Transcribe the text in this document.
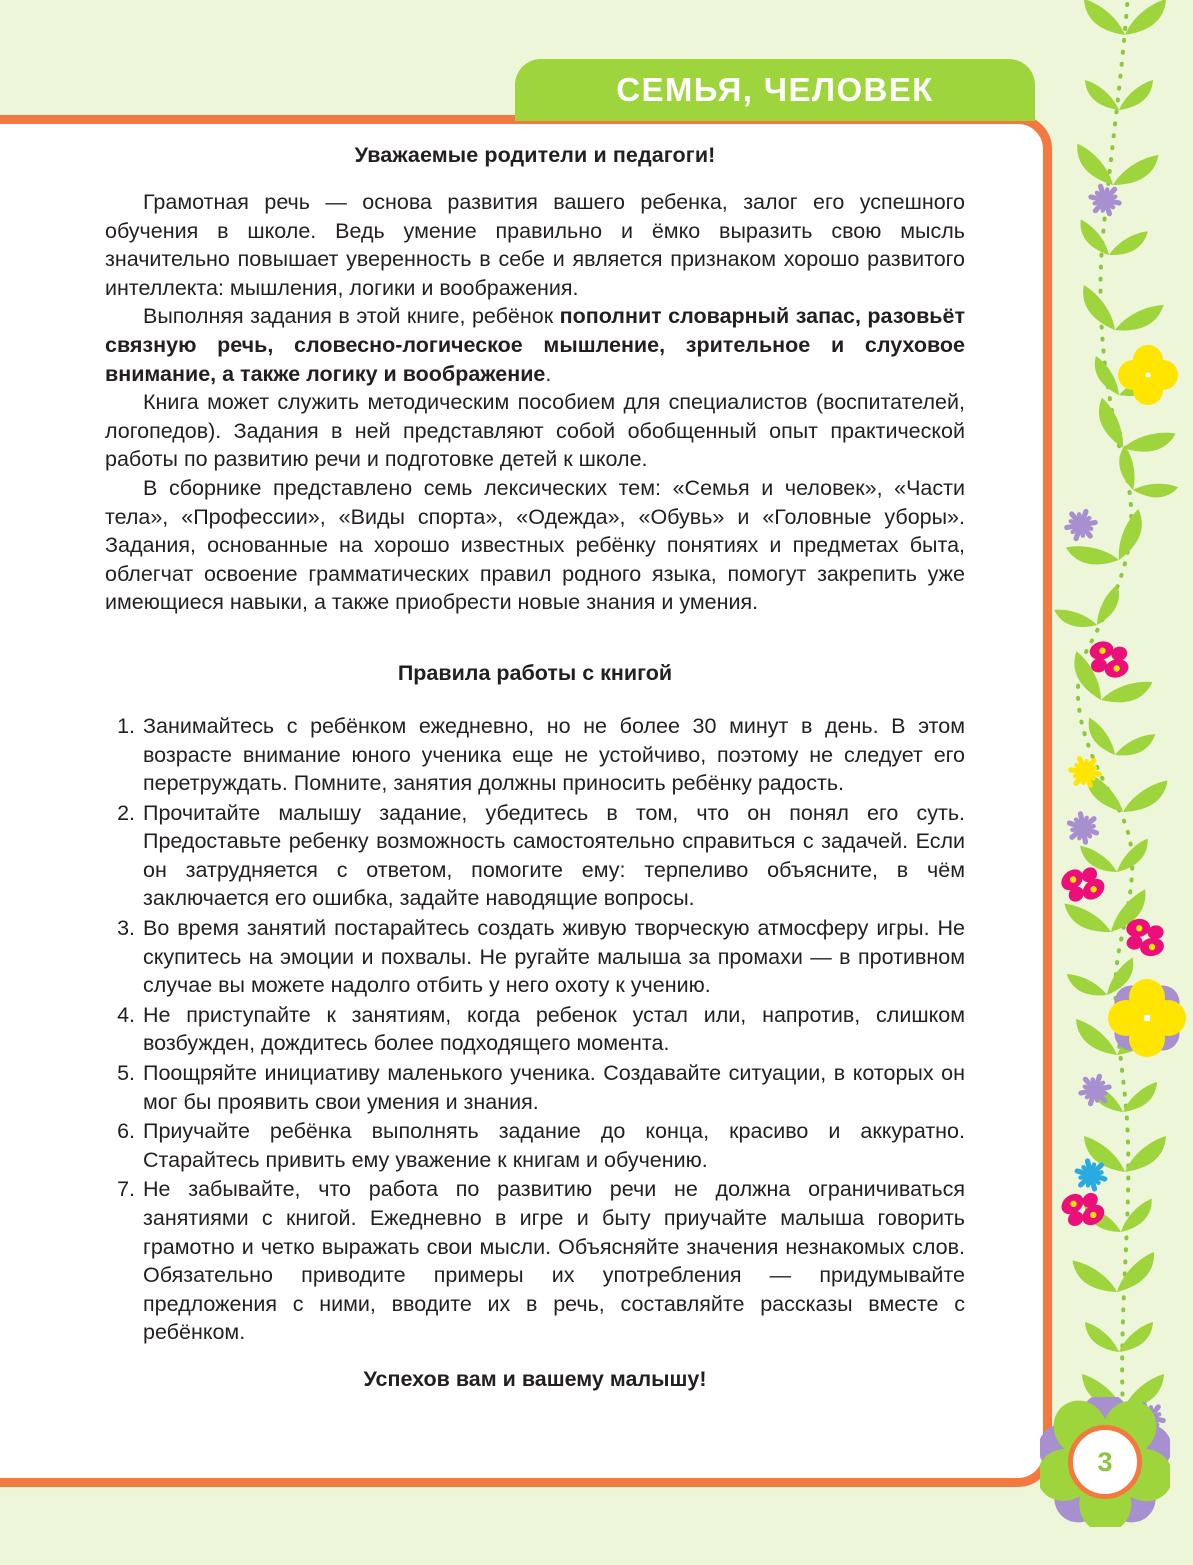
СЕМЬЯ, ЧЕЛОВЕК
Уважаемые родители и педагоги!

Грамотная речь — основа развития вашего ребенка, залог его успешного обучения в школе. Ведь умение правильно и ёмко выразить свою мысль значительно повышает уверенность в себе и является признаком хорошо развитого интеллекта: мышления, логики и воображения.

Выполняя задания в этой книге, ребёнок пополнит словарный запас, разовьёт связную речь, словесно-логическое мышление, зрительное и слуховое внимание, а также логику и воображение.

Книга может служить методическим пособием для специалистов (воспитателей, логопедов). Задания в ней представляют собой обобщенный опыт практической работы по развитию речи и подготовке детей к школе.

В сборнике представлено семь лексических тем: «Семья и человек», «Части тела», «Профессии», «Виды спорта», «Одежда», «Обувь» и «Головные уборы». Задания, основанные на хорошо известных ребёнку понятиях и предметах быта, облегчат освоение грамматических правил родного языка, помогут закрепить уже имеющиеся навыки, а также приобрести новые знания и умения.

Правила работы с книгой
1. Занимайтесь с ребёнком ежедневно, но не более 30 минут в день. В этом возрасте внимание юного ученика еще не устойчиво, поэтому не следует его перетруждать. Помните, занятия должны приносить ребёнку радость.
2. Прочитайте малышу задание, убедитесь в том, что он понял его суть. Предоставьте ребенку возможность самостоятельно справиться с задачей. Если он затрудняется с ответом, помогите ему: терпеливо объясните, в чём заключается его ошибка, задайте наводящие вопросы.
3. Во время занятий постарайтесь создать живую творческую атмосферу игры. Не скупитесь на эмоции и похвалы. Не ругайте малыша за промахи — в противном случае вы можете надолго отбить у него охоту к учению.
4. Не приступайте к занятиям, когда ребенок устал или, напротив, слишком возбужден, дождитесь более подходящего момента.
5. Поощряйте инициативу маленького ученика. Создавайте ситуации, в которых он мог бы проявить свои умения и знания.
6. Приучайте ребёнка выполнять задание до конца, красиво и аккуратно. Старайтесь привить ему уважение к книгам и обучению.
7. Не забывайте, что работа по развитию речи не должна ограничиваться занятиями с книгой. Ежедневно в игре и быту приучайте малыша говорить грамотно и четко выражать свои мысли. Объясняйте значения незнакомых слов. Обязательно приводите примеры их употребления — придумывайте предложения с ними, вводите их в речь, составляйте рассказы вместе с ребёнком.
Успехов вам и вашему малышу!
3
